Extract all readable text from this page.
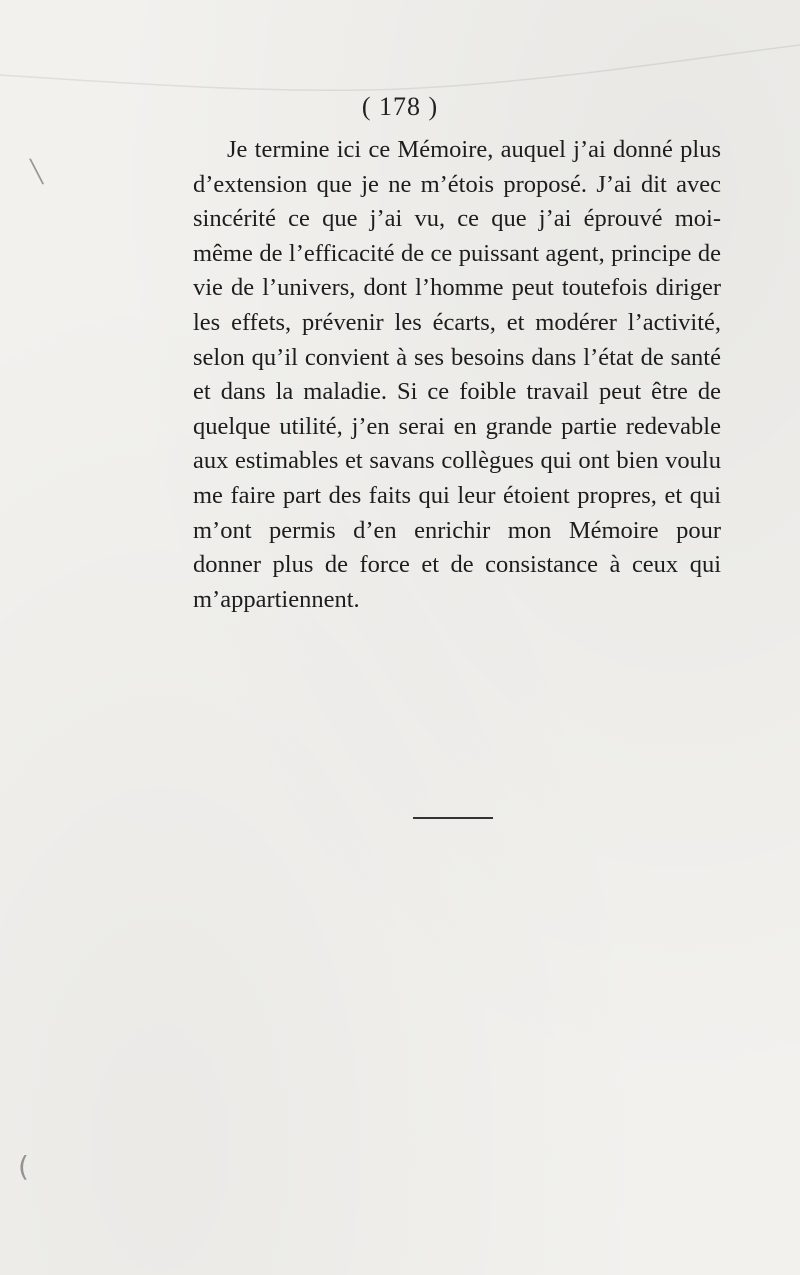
( 178 )

Je termine ici ce Mémoire, auquel j’ai donné plus d’extension que je ne m’étois proposé. J’ai dit avec sincérité ce que j’ai vu, ce que j’ai éprouvé moi-même de l’efficacité de ce puissant agent, principe de vie de l’univers, dont l’homme peut toutefois diriger les effets, prévenir les écarts, et modérer l’activité, selon qu’il convient à ses besoins dans l’état de santé et dans la maladie. Si ce foible travail peut être de quelque utilité, j’en serai en grande partie redevable aux estimables et savans collègues qui ont bien voulu me faire part des faits qui leur étoient propres, et qui m’ont permis d’en enrichir mon Mémoire pour donner plus de force et de consistance à ceux qui m’appartiennent.

╲
(
